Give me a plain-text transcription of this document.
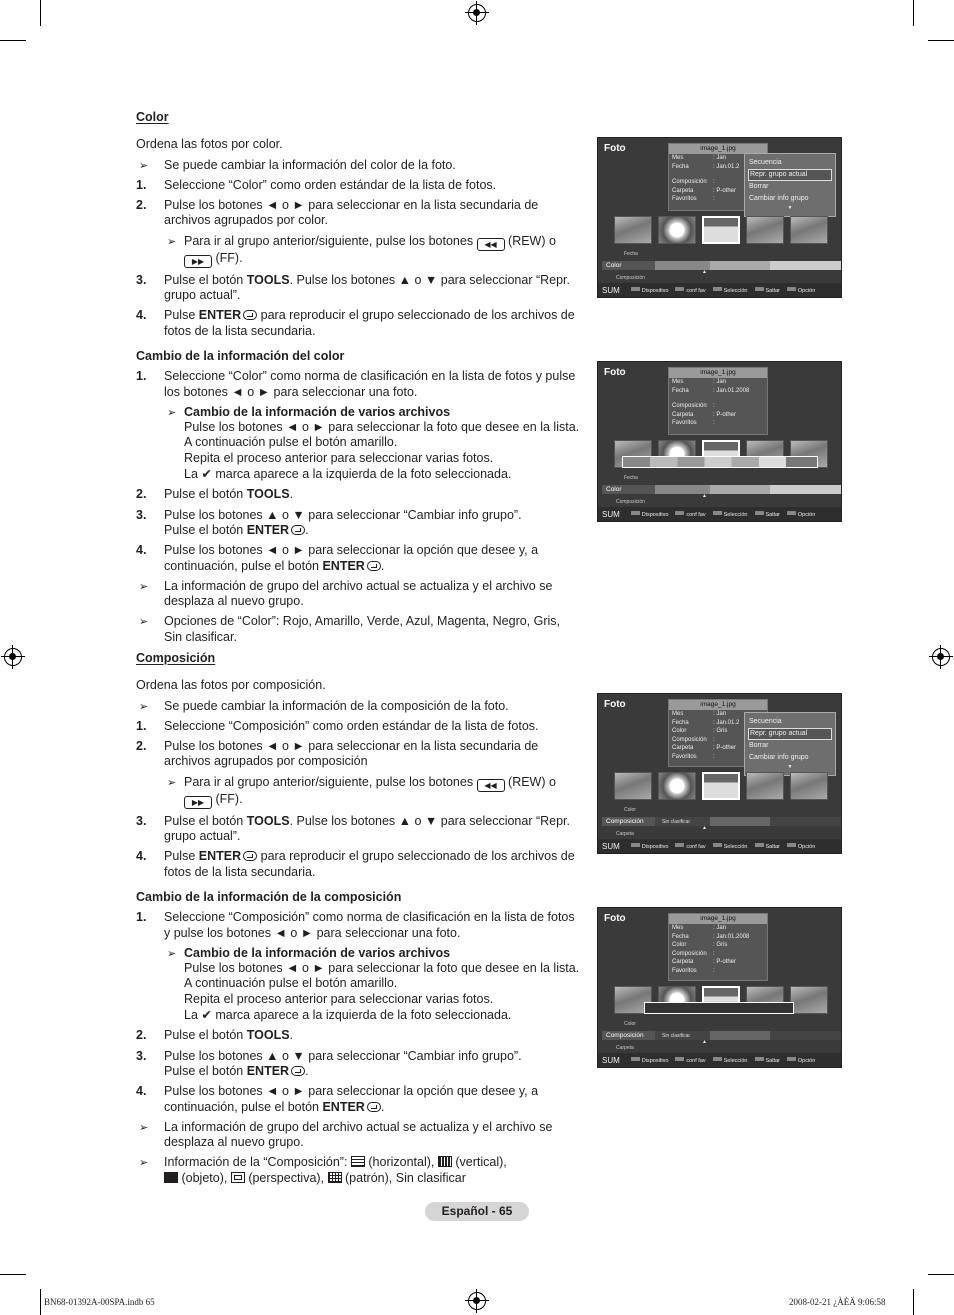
Color
Ordena las fotos por color.
➢ Se puede cambiar la información del color de la foto.
1. Seleccione “Color” como orden estándar de la lista de fotos.
2. Pulse los botones ◄ o ► para seleccionar en la lista secundaria de archivos agrupados por color.
➢ Para ir al grupo anterior/siguiente, pulse los botones ◀◀ (REW) o
▶▶ (FF).
3. Pulse el botón TOOLS. Pulse los botones ▲ o ▼ para seleccionar “Repr. grupo actual”.
4. Pulse ENTER para reproducir el grupo seleccionado de los archivos de fotos de la lista secundaria.
Cambio de la información del color
1. Seleccione “Color” como norma de clasificación en la lista de fotos y pulse los botones ◄ o ► para seleccionar una foto.
➢ Cambio de la información de varios archivos
Pulse los botones ◄ o ► para seleccionar la foto que desee en la lista. A continuación pulse el botón amarillo.
Repita el proceso anterior para seleccionar varias fotos.
La ✔ marca aparece a la izquierda de la foto seleccionada.
2. Pulse el botón TOOLS.
3. Pulse los botones ▲ o ▼ para seleccionar “Cambiar info grupo”.
Pulse el botón ENTER .
4. Pulse los botones ◄ o ► para seleccionar la opción que desee y, a continuación, pulse el botón ENTER .
➢ La información de grupo del archivo actual se actualiza y el archivo se desplaza al nuevo grupo.
➢ Opciones de “Color”: Rojo, Amarillo, Verde, Azul, Magenta, Negro, Gris, Sin clasificar.
Composición
Ordena las fotos por composición.
➢ Se puede cambiar la información de la composición de la foto.
1. Seleccione “Composición” como orden estándar de la lista de fotos.
2. Pulse los botones ◄ o ► para seleccionar en la lista secundaria de archivos agrupados por composición
➢ Para ir al grupo anterior/siguiente, pulse los botones ◀◀ (REW) o
▶▶ (FF).
3. Pulse el botón TOOLS. Pulse los botones ▲ o ▼ para seleccionar “Repr. grupo actual”.
4. Pulse ENTER para reproducir el grupo seleccionado de los archivos de fotos de la lista secundaria.
Cambio de la información de la composición
1. Seleccione “Composición” como norma de clasificación en la lista de fotos y pulse los botones ◄ o ► para seleccionar una foto.
➢ Cambio de la información de varios archivos
Pulse los botones ◄ o ► para seleccionar la foto que desee en la lista. A continuación pulse el botón amarillo.
Repita el proceso anterior para seleccionar varias fotos.
La ✔ marca aparece a la izquierda de la foto seleccionada.
2. Pulse el botón TOOLS.
3. Pulse los botones ▲ o ▼ para seleccionar “Cambiar info grupo”.
Pulse el botón ENTER .
4. Pulse los botones ◄ o ► para seleccionar la opción que desee y, a continuación, pulse el botón ENTER .
➢ La información de grupo del archivo actual se actualiza y el archivo se desplaza al nuevo grupo.
➢ Información de la “Composición”: (horizontal), (vertical),
(objeto), (perspectiva), (patrón), Sin clasificar
Foto	image_1.jpg
Mes	: Jan
Fecha	: Jan.01.2
Composición	:
Carpeta	: P-other
Favoritos	:
Secuencia
Repr. grupo actual
Borrar
Cambiar info grupo
▼
Fecha
Color
▲
Composición
SUM	Dispositivo	conf fav	Selección	Saltar	Opción
Foto	image_1.jpg
Mes	: Jan
Fecha	: Jan.01.2008
Composición	:
Carpeta	: P-other
Favoritos	:
Fecha
Color
▲
Composición
SUM	Dispositivo	conf fav	Selección	Saltar	Opción
Foto	image_1.jpg
Mes	: Jan
Fecha	: Jan.01.2
Color	: Gris
Composición	:
Carpeta	: P-other
Favoritos	:
Secuencia
Repr. grupo actual
Borrar
Cambiar info grupo
▼
Color
Composición	Sin clasificar
▲
Carpeta
SUM	Dispositivo	conf fav	Selección	Saltar	Opción
Foto	image_1.jpg
Mes	: Jan
Fecha	: Jan.01.2008
Color	: Gris
Composición	:
Carpeta	: P-other
Favoritos	:
Color
Composición	Sin clasificar
▲
Carpeta
SUM	Dispositivo	conf fav	Selección	Saltar	Opción
Español - 65
BN68-01392A-00SPA.indb 65	2008-02-21 ¿ÀÈÄ 9:06:58
